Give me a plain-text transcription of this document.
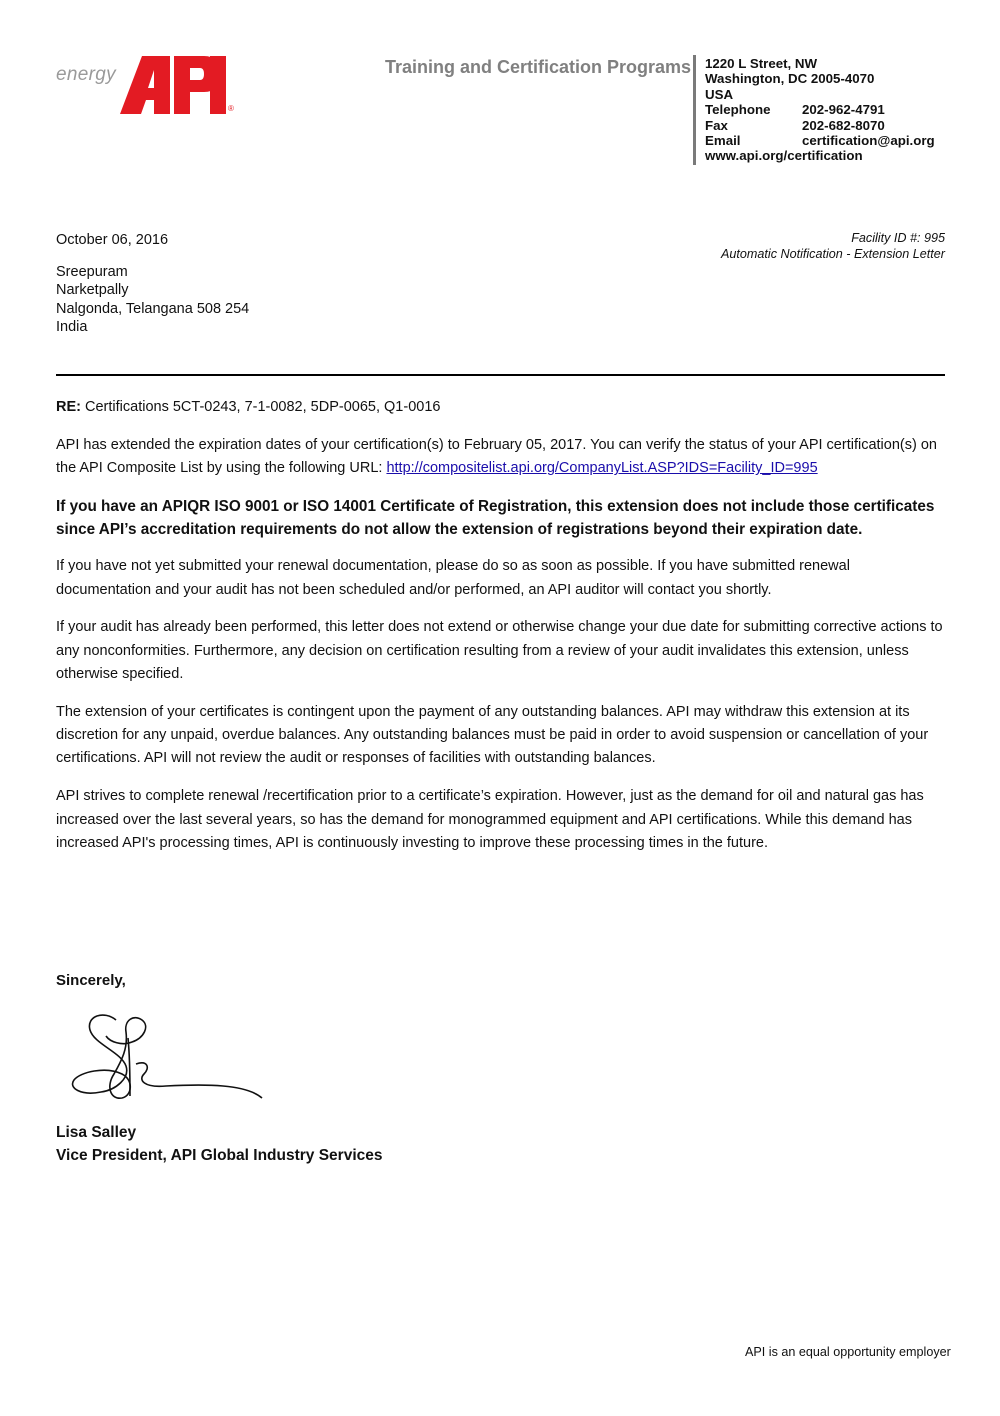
energy
®
Training and Certification Programs 1220 L Street, NW
Washington, DC 2005-4070
USA
Telephone	202-962-4791
Fax	202-682-8070
Email	certification@api.org
www.api.org/certification
October 06, 2016
Sreepuram
Narketpally
Nalgonda, Telangana 508 254
India
Facility ID #: 995
Automatic Notification - Extension Letter

RE: Certifications 5CT-0243, 7-1-0082, 5DP-0065, Q1-0016

API has extended the expiration dates of your certification(s) to February 05, 2017. You can verify the status of your API certification(s) on the API Composite List by using the following URL: http://compositelist.api.org/CompanyList.ASP?IDS=Facility_ID=995

If you have an APIQR ISO 9001 or ISO 14001 Certificate of Registration, this extension does not include those certificates since API’s accreditation requirements do not allow the extension of registrations beyond their expiration date.

If you have not yet submitted your renewal documentation, please do so as soon as possible. If you have submitted renewal documentation and your audit has not been scheduled and/or performed, an API auditor will contact you shortly.

If your audit has already been performed, this letter does not extend or otherwise change your due date for submitting corrective actions to any nonconformities. Furthermore, any decision on certification resulting from a review of your audit invalidates this extension, unless otherwise specified.

The extension of your certificates is contingent upon the payment of any outstanding balances. API may withdraw this extension at its discretion for any unpaid, overdue balances. Any outstanding balances must be paid in order to avoid suspension or cancellation of your certifications. API will not review the audit or responses of facilities with outstanding balances.

API strives to complete renewal /recertification prior to a certificate’s expiration. However, just as the demand for oil and natural gas has increased over the last several years, so has the demand for monogrammed equipment and API certifications. While this demand has increased API's processing times, API is continuously investing to improve these processing times in the future.

Sincerely,
Lisa Salley
Vice President, API Global Industry Services
API is an equal opportunity employer
